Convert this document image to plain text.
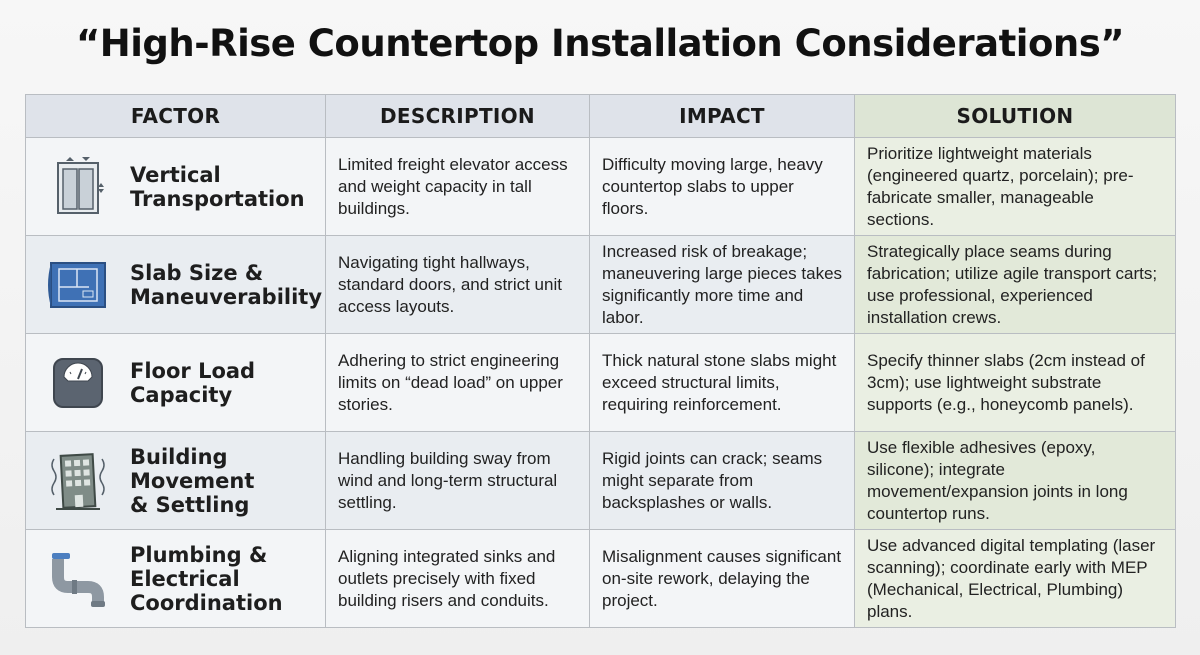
“High-Rise Countertop Installation Considerations”
FACTOR	DESCRIPTION	IMPACT	SOLUTION

Vertical
Transportation	Limited freight elevator access and weight capacity in tall buildings.	Difficulty moving large, heavy countertop slabs to upper floors.	Prioritize lightweight materials (engineered quartz, porcelain); pre-fabricate smaller, manageable sections.

Slab Size &
Maneuverability	Navigating tight hallways, standard doors, and strict unit access layouts.	Increased risk of breakage; maneuvering large pieces takes significantly more time and labor.	Strategically place seams during fabrication; utilize agile transport carts; use professional, experienced installation crews.

Floor Load
Capacity	Adhering to strict engineering limits on “dead load” on upper stories.	Thick natural stone slabs might exceed structural limits, requiring reinforcement.	Specify thinner slabs (2cm instead of 3cm); use lightweight substrate supports (e.g., honeycomb panels).

Building
Movement
& Settling	Handling building sway from wind and long-term structural settling.	Rigid joints can crack; seams might separate from backsplashes or walls.	Use flexible adhesives (epoxy, silicone); integrate movement/expansion joints in long countertop runs.

Plumbing &
Electrical
Coordination	Aligning integrated sinks and outlets precisely with fixed building risers and conduits.	Misalignment causes significant on-site rework, delaying the project.	Use advanced digital templating (laser scanning); coordinate early with MEP (Mechanical, Electrical, Plumbing) plans.
